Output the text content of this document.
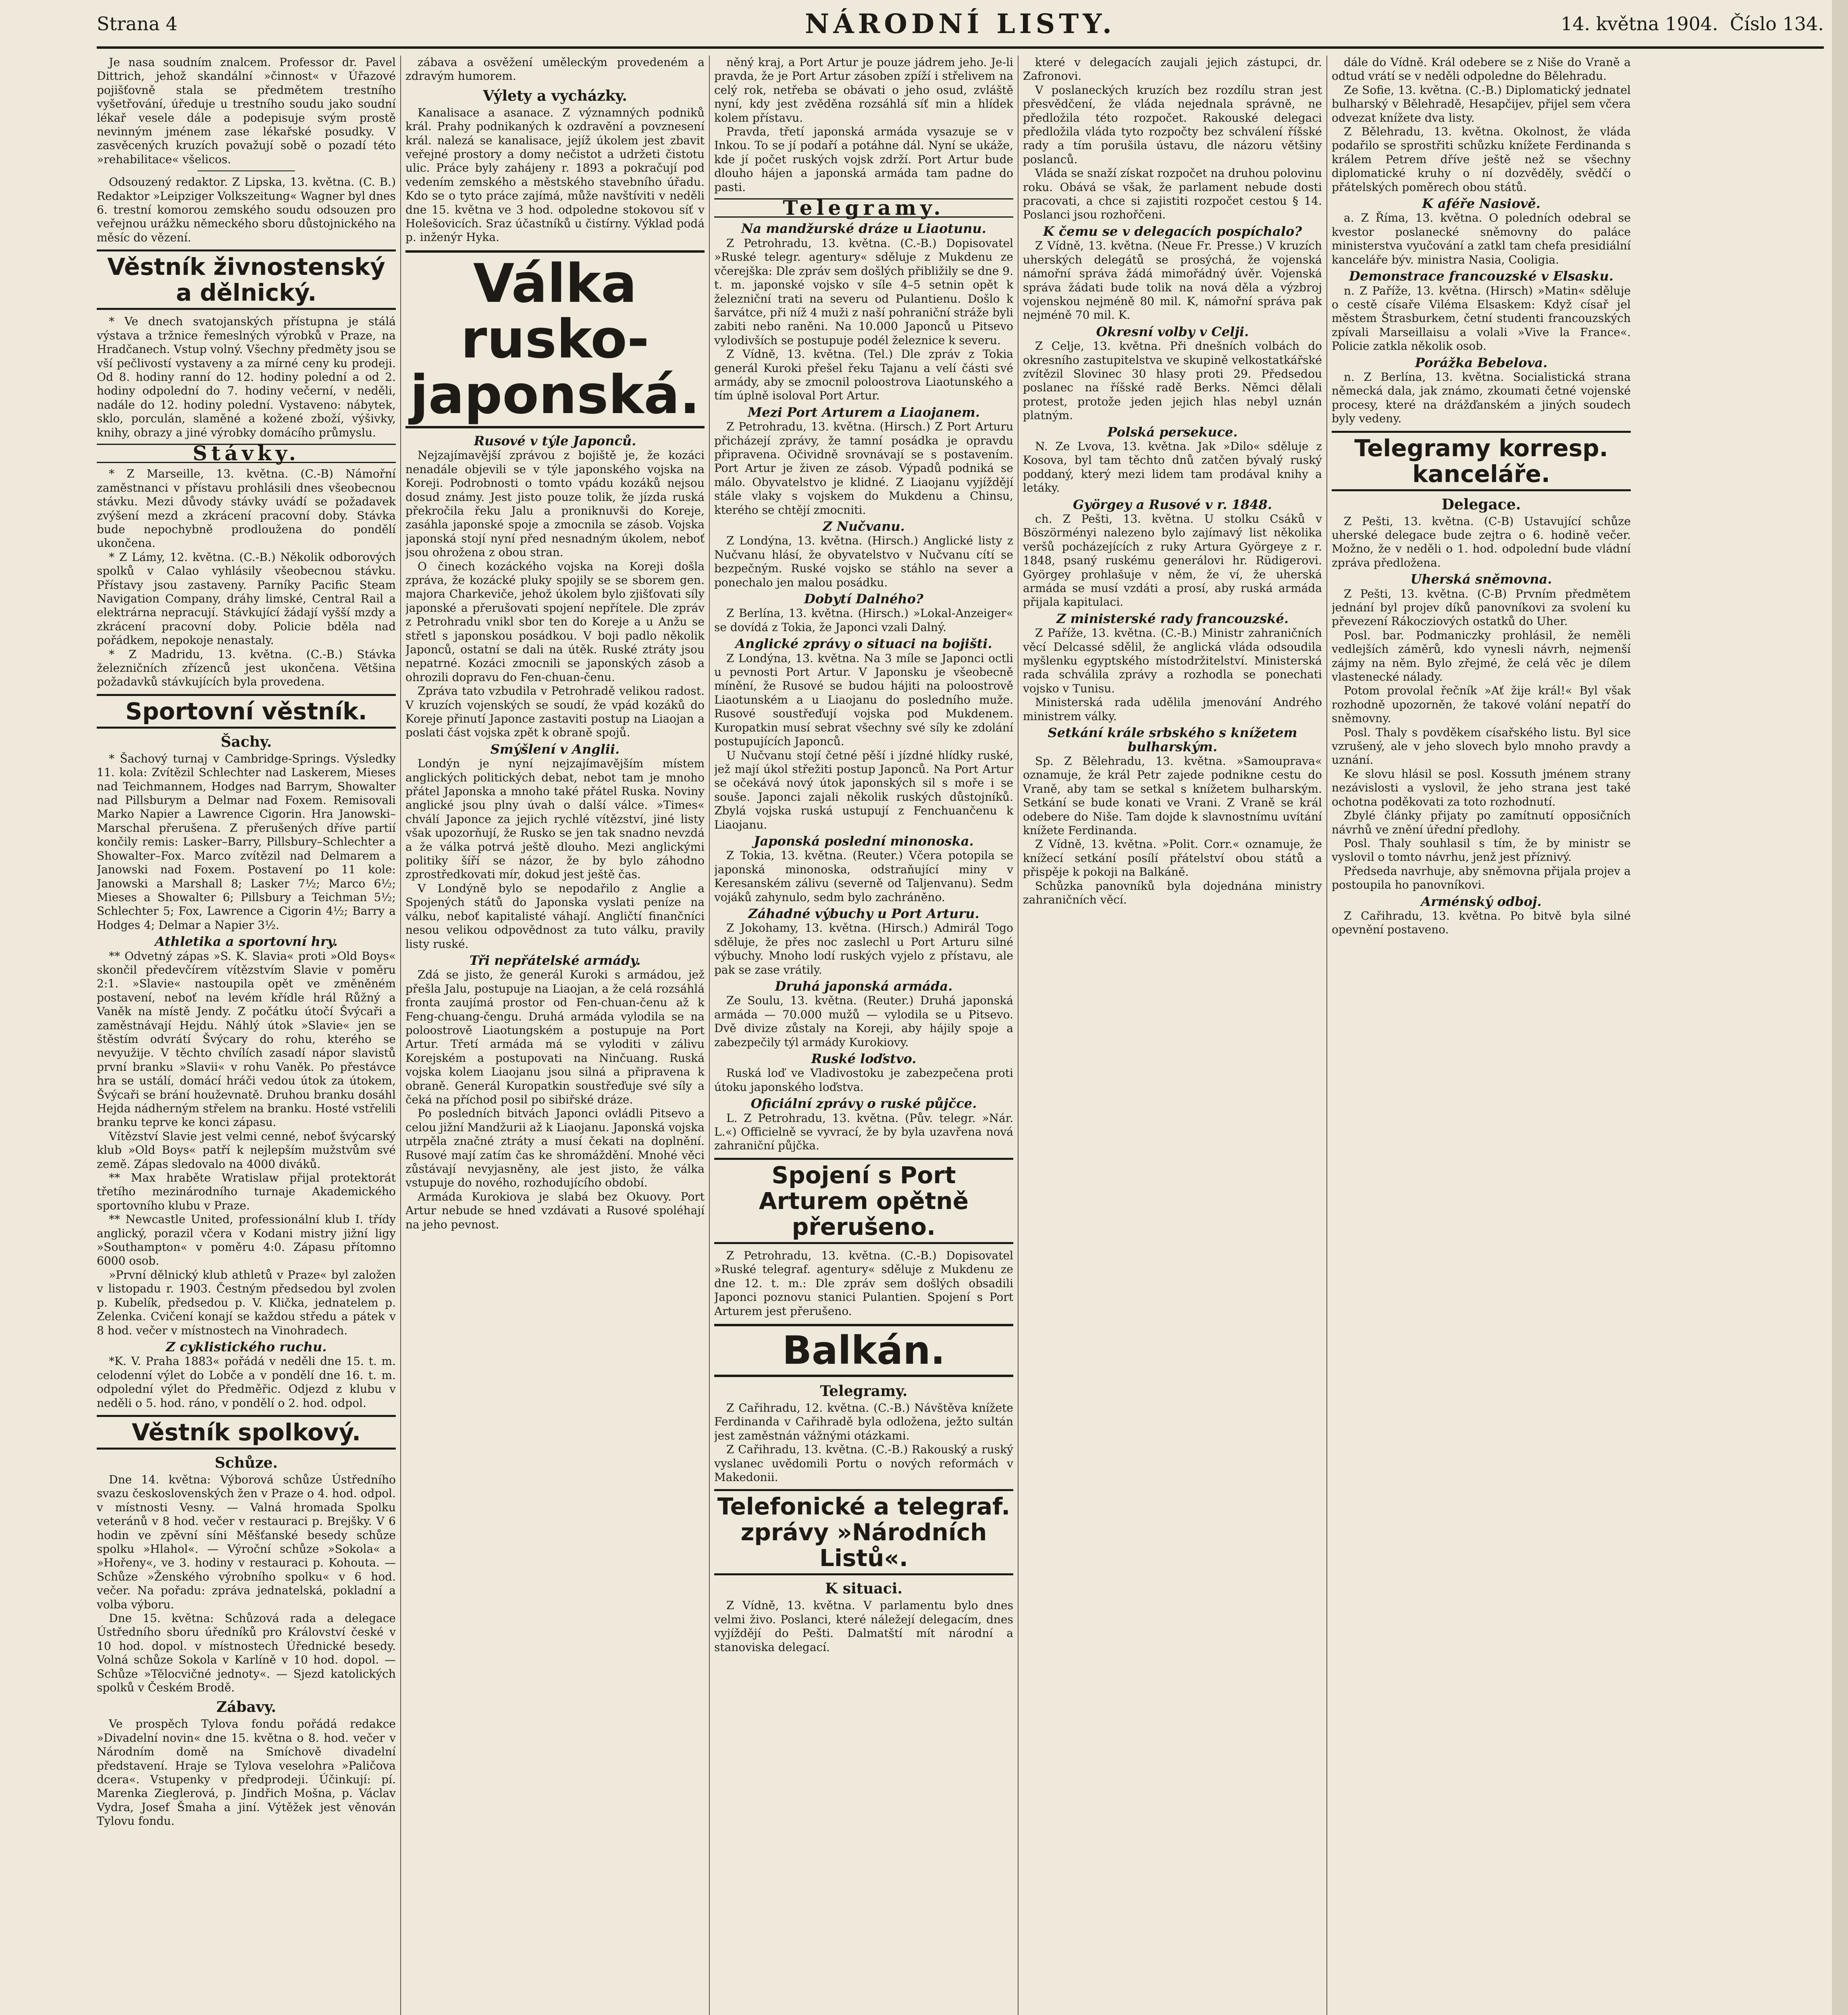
Strana 4	NÁRODNÍ LISTY.	14. května 1904. Číslo 134.

Je nasa soudním znalcem. Professor dr. Pavel Dittrich, jehož skandální »činnost« v Úřazové pojišťovně stala se předmětem trestního vyšetřování, úředuje u trestního soudu jako soudní lékař vesele dále a podepisuje svým prostě nevinným jménem zase lékařské posudky. V zasvěcených kruzích považují sobě o pozadí této »rehabilitace« všelicos.

Odsouzený redaktor. Z Lipska, 13. května. (C. B.) Redaktor »Leipziger Volkszeitung« Wagner byl dnes 6. trestní komorou zemského soudu odsouzen pro veřejnou urážku německého sboru důstojnického na měsíc do vězení.

Věstník živnostenský a dělnický.

* Ve dnech svatojanských přístupna je stálá výstava a tržnice řemeslných výrobků v Praze, na Hradčanech. Vstup volný. Všechny předměty jsou se vší pečlivostí vystaveny a za mírné ceny ku prodeji. Od 8. hodiny ranní do 12. hodiny polední a od 2. hodiny odpolední do 7. hodiny večerní, v neděli, nadále do 12. hodiny polední. Vystaveno: nábytek, sklo, porculán, slaměné a kožené zboží, výšivky, knihy, obrazy a jiné výrobky domácího průmyslu.

Stávky.

* Z Marseille, 13. května. (C.-B) Námořní zaměstnanci v přístavu prohlásili dnes všeobecnou stávku. Mezi důvody stávky uvádí se požadavek zvýšení mezd a zkrácení pracovní doby. Stávka bude nepochybně prodloužena do pondělí ukončena.

* Z Lámy, 12. května. (C.-B.) Několik odborových spolků v Calao vyhlásily všeobecnou stávku. Přístavy jsou zastaveny. Parníky Pacific Steam Navigation Company, dráhy limské, Central Rail a elektrárna nepracují. Stávkující žádají vyšší mzdy a zkrácení pracovní doby. Policie bděla nad pořádkem, nepokoje nenastaly.

* Z Madridu, 13. května. (C.-B.) Stávka železničních zřízenců jest ukončena. Většina požadavků stávkujících byla provedena.

Sportovní věstník.
Šachy.

* Šachový turnaj v Cambridge-Springs. Výsledky 11. kola: Zvítězil Schlechter nad Laskerem, Mieses nad Teichmannem, Hodges nad Barrym, Showalter nad Pillsburym a Delmar nad Foxem. Remisovali Marko Napier a Lawrence Cigorin. Hra Janowski–Marschal přerušena. Z přerušených dříve partií končily remis: Lasker–Barry, Pillsbury–Schlechter a Showalter–Fox. Marco zvítězil nad Delmarem a Janowski nad Foxem. Postavení po 11 kole: Janowski a Marshall 8; Lasker 7½; Marco 6½; Mieses a Showalter 6; Pillsbury a Teichman 5½; Schlechter 5; Fox, Lawrence a Cigorin 4½; Barry a Hodges 4; Delmar a Napier 3½.

Athletika a sportovní hry.

** Odvetný zápas »S. K. Slavia« proti »Old Boys« skončil předevčírem vítězstvím Slavie v poměru 2:1. »Slavie« nastoupila opět ve změněném postavení, neboť na levém křídle hrál Růžný a Vaněk na místě Jendy. Z počátku útočí Švýcaři a zaměstnávají Hejdu. Náhlý útok »Slavie« jen se štěstím odvrátí Švýcary do rohu, kterého se nevyužije. V těchto chvílích zasadí nápor slavistů první branku »Slavii« v rohu Vaněk. Po přestávce hra se ustálí, domácí hráči vedou útok za útokem, Švýcaři se brání houževnatě. Druhou branku dosáhl Hejda nádherným střelem na branku. Hosté vstřelili branku teprve ke konci zápasu.

Vítězství Slavie jest velmi cenné, neboť švýcarský klub »Old Boys« patří k nejlepším mužstvům své země. Zápas sledovalo na 4000 diváků.

** Max hraběte Wratislaw přijal protektorát třetího mezinárodního turnaje Akademického sportovního klubu v Praze.

** Newcastle United, professionální klub I. třídy anglický, porazil včera v Kodani mistry jižní ligy »Southampton« v poměru 4:0. Zápasu přítomno 6000 osob.

»První dělnický klub athletů v Praze« byl založen v listopadu r. 1903. Čestným předsedou byl zvolen p. Kubelík, předsedou p. V. Klička, jednatelem p. Zelenka. Cvičení konají se každou středu a pátek v 8 hod. večer v místnostech na Vinohradech.

Z cyklistického ruchu.

*K. V. Praha 1883« pořádá v neděli dne 15. t. m. celodenní výlet do Lobče a v pondělí dne 16. t. m. odpolední výlet do Předměřic. Odjezd z klubu v neděli o 5. hod. ráno, v pondělí o 2. hod. odpol.

Věstník spolkový.
Schůze.

Dne 14. května: Výborová schůze Ústředního svazu československých žen v Praze o 4. hod. odpol. v místnosti Vesny. — Valná hromada Spolku veteránů v 8 hod. večer v restauraci p. Brejšky. V 6 hodin ve zpěvní síni Měšťanské besedy schůze spolku »Hlahol«. — Výroční schůze »Sokola« a »Hořeny«, ve 3. hodiny v restauraci p. Kohouta. — Schůze »Ženského výrobního spolku« v 6 hod. večer. Na pořadu: zpráva jednatelská, pokladní a volba výboru.

Dne 15. května: Schůzová rada a delegace Ústředního sboru úředníků pro Království české v 10 hod. dopol. v místnostech Úřednické besedy. Volná schůze Sokola v Karlíně v 10 hod. dopol. — Schůze »Tělocvičné jednoty«. — Sjezd katolických spolků v Českém Brodě.

Zábavy.

Ve prospěch Tylova fondu pořádá redakce »Divadelní novin« dne 15. května o 8. hod. večer v Národním domě na Smíchově divadelní představení. Hraje se Tylova veselohra »Paličova dcera«. Vstupenky v předprodeji. Účinkují: pí. Marenka Zieglerová, p. Jindřich Mošna, p. Václav Vydra, Josef Šmaha a jiní. Výtěžek jest věnován Tylovu fondu.

zábava a osvěžení uměleckým provedeném a zdravým humorem.

Výlety a vycházky.

Kanalisace a asanace. Z významných podniků král. Prahy podnikaných k ozdravění a povznesení král. nalezá se kanalisace, jejíž úkolem jest zbavit veřejné prostory a domy nečistot a udržeti čistotu ulic. Práce byly zahájeny r. 1893 a pokračují pod vedením zemského a městského stavebního úřadu. Kdo se o tyto práce zajímá, může navštíviti v neděli dne 15. května ve 3 hod. odpoledne stokovou síť v Holešovicích. Sraz účastníků u čistírny. Výklad podá p. inženýr Hyka.

Válka rusko-japonská.
Rusové v týle Japonců.

Nejzajímavější zprávou z bojiště je, že kozáci nenadále objevili se v týle japonského vojska na Koreji. Podrobnosti o tomto vpádu kozáků nejsou dosud známy. Jest jisto pouze tolik, že jízda ruská překročila řeku Jalu a proniknuvši do Koreje, zasáhla japonské spoje a zmocnila se zásob. Vojska japonská stojí nyní před nesnadným úkolem, neboť jsou ohrožena z obou stran.

O činech kozáckého vojska na Koreji došla zpráva, že kozácké pluky spojily se se sborem gen. majora Charkeviče, jehož úkolem bylo zjišťovati síly japonské a přerušovati spojení nepřítele. Dle zpráv z Petrohradu vnikl sbor ten do Koreje a u Anžu se střetl s japonskou posádkou. V boji padlo několik Japonců, ostatní se dali na útěk. Ruské ztráty jsou nepatrné. Kozáci zmocnili se japonských zásob a ohrozili dopravu do Fen-chuan-čenu.

Zpráva tato vzbudila v Petrohradě velikou radost. V kruzích vojenských se soudí, že vpád kozáků do Koreje přinutí Japonce zastaviti postup na Liaojan a poslati část vojska zpět k obraně spojů.

Smýšlení v Anglii.

Londýn je nyní nejzajímavějším místem anglických politických debat, nebot tam je mnoho přátel Japonska a mnoho také přátel Ruska. Noviny anglické jsou plny úvah o další válce. »Times« chválí Japonce za jejich rychlé vítězství, jiné listy však upozorňují, že Rusko se jen tak snadno nevzdá a že válka potrvá ještě dlouho. Mezi anglickými politiky šíří se názor, že by bylo záhodno zprostředkovati mír, dokud jest ještě čas.

V Londýně bylo se nepodařilo z Anglie a Spojených států do Japonska vyslati peníze na válku, neboť kapitalisté váhají. Angličtí finančníci nesou velikou odpovědnost za tuto válku, pravily listy ruské.

Tři nepřátelské armády.

Zdá se jisto, že generál Kuroki s armádou, jež přešla Jalu, postupuje na Liaojan, a že celá rozsáhlá fronta zaujímá prostor od Fen-chuan-čenu až k Feng-chuang-čengu. Druhá armáda vylodila se na poloostrově Liaotungském a postupuje na Port Artur. Třetí armáda má se vyloditi v zálivu Korejském a postupovati na Ninčuang. Ruská vojska kolem Liaojanu jsou silná a připravena k obraně. Generál Kuropatkin soustřeďuje své síly a čeká na příchod posil po sibiřské dráze.

Po posledních bitvách Japonci ovládli Pitsevo a celou jižní Mandžurii až k Liaojanu. Japonská vojska utrpěla značné ztráty a musí čekati na doplnění. Rusové mají zatím čas ke shromáždění. Mnohé věci zůstávají nevyjasněny, ale jest jisto, že válka vstupuje do nového, rozhodujícího období.

Armáda Kurokiova je slabá bez Okuovy. Port Artur nebude se hned vzdávati a Rusové spoléhají na jeho pevnost.

něný kraj, a Port Artur je pouze jádrem jeho. Je-li pravda, že je Port Artur zásoben zpíží i střelivem na celý rok, netřeba se obávati o jeho osud, zvláště nyní, kdy jest zvěděna rozsáhlá síť min a hlídek kolem přístavu.

Pravda, třetí japonská armáda vysazuje se v Inkou. To se jí podaří a potáhne dál. Nyní se ukáže, kde jí počet ruských vojsk zdrží. Port Artur bude dlouho hájen a japonská armáda tam padne do pasti.

Telegramy.
Na mandžurské dráze u Liaotunu.

Z Petrohradu, 13. května. (C.-B.) Dopisovatel »Ruské telegr. agentury« sděluje z Mukdenu ze včerejška: Dle zpráv sem došlých přibližily se dne 9. t. m. japonské vojsko v síle 4–5 setnin opět k železniční trati na severu od Pulantienu. Došlo k šarvátce, při níž 4 muži z naší pohraniční stráže byli zabiti nebo raněni. Na 10.000 Japonců u Pitsevo vylodivších se postupuje podél železnice k severu.

Z Vídně, 13. května. (Tel.) Dle zpráv z Tokia generál Kuroki přešel řeku Tajanu a velí části své armády, aby se zmocnil poloostrova Liaotunského a tím úplně isoloval Port Artur.

Mezi Port Arturem a Liaojanem.

Z Petrohradu, 13. května. (Hirsch.) Z Port Arturu přicházejí zprávy, že tamní posádka je opravdu připravena. Očividně srovnávají se s postavením. Port Artur je živen ze zásob. Výpadů podniká se málo. Obyvatelstvo je klidné. Z Liaojanu vyjíždějí stále vlaky s vojskem do Mukdenu a Chinsu, kterého se chtějí zmocniti.

Z Nučvanu.

Z Londýna, 13. května. (Hirsch.) Anglické listy z Nučvanu hlásí, že obyvatelstvo v Nučvanu cítí se bezpečným. Ruské vojsko se stáhlo na sever a ponechalo jen malou posádku.

Dobytí Dalného?

Z Berlína, 13. května. (Hirsch.) »Lokal-Anzeiger« se dovídá z Tokia, že Japonci vzali Dalný.

Anglické zprávy o situaci na bojišti.

Z Londýna, 13. května. Na 3 míle se Japonci octli u pevnosti Port Artur. V Japonsku je všeobecně mínění, že Rusové se budou hájiti na poloostrově Liaotunském a u Liaojanu do posledního muže. Rusové soustřeďují vojska pod Mukdenem. Kuropatkin musí sebrat všechny své síly ke zdolání postupujících Japonců.

U Nučvanu stojí četné pěší i jízdné hlídky ruské, jež mají úkol střežiti postup Japonců. Na Port Artur se očekává nový útok japonských sil s moře i se souše. Japonci zajali několik ruských důstojníků. Zbylá vojska ruská ustupují z Fenchuančenu k Liaojanu.

Japonská poslední minonoska.

Z Tokia, 13. května. (Reuter.) Včera potopila se japonská minonoska, odstraňující miny v Keresanském zálivu (severně od Taljenvanu). Sedm vojáků zahynulo, sedm bylo zachráněno.

Záhadné výbuchy u Port Arturu.

Z Jokohamy, 13. května. (Hirsch.) Admirál Togo sděluje, že přes noc zaslechl u Port Arturu silné výbuchy. Mnoho lodí ruských vyjelo z přístavu, ale pak se zase vrátily.

Druhá japonská armáda.

Ze Soulu, 13. května. (Reuter.) Druhá japonská armáda — 70.000 mužů — vylodila se u Pitsevo. Dvě divize zůstaly na Koreji, aby hájily spoje a zabezpečily týl armády Kurokiovy.

Ruské loďstvo.

Ruská loď ve Vladivostoku je zabezpečena proti útoku japonského loďstva.

Oficiální zprávy o ruské půjčce.

L. Z Petrohradu, 13. května. (Pův. telegr. »Nár. L.«) Officielně se vyvrací, že by byla uzavřena nová zahraniční půjčka.

Spojení s Port Arturem opětně přerušeno.

Z Petrohradu, 13. května. (C.-B.) Dopisovatel »Ruské telegraf. agentury« sděluje z Mukdenu ze dne 12. t. m.: Dle zpráv sem došlých obsadili Japonci poznovu stanici Pulantien. Spojení s Port Arturem jest přerušeno.

Balkán.
Telegramy.

Z Cařihradu, 12. května. (C.-B.) Návštěva knížete Ferdinanda v Cařihradě byla odložena, ježto sultán jest zaměstnán vážnými otázkami.

Z Cařihradu, 13. května. (C.-B.) Rakouský a ruský vyslanec uvědomili Portu o nových reformách v Makedonii.

Telefonické a telegraf. zprávy »Národních Listů«.
K situaci.

Z Vídně, 13. května. V parlamentu bylo dnes velmi živo. Poslanci, které náležejí delegacím, dnes vyjíždějí do Pešti. Dalmatští mít národní a stanoviska delegací.

které v delegacích zaujali jejich zástupci, dr. Zafronovi.

V poslaneckých kruzích bez rozdílu stran jest přesvědčení, že vláda nejednala správně, ne předložila této rozpočet. Rakouské delegaci předložila vláda tyto rozpočty bez schválení říšské rady a tím porušila ústavu, dle názoru většiny poslanců.

Vláda se snaží získat rozpočet na druhou polovinu roku. Obává se však, že parlament nebude dosti pracovati, a chce si zajistiti rozpočet cestou § 14. Poslanci jsou rozhořčeni.

K čemu se v delegacích pospíchalo?

Z Vídně, 13. května. (Neue Fr. Presse.) V kruzích uherských delegátů se prosýchá, že vojenská námořní správa žádá mimořádný úvěr. Vojenská správa žádati bude tolik na nová děla a výzbroj vojenskou nejméně 80 mil. K, námořní správa pak nejméně 70 mil. K.

Okresní volby v Celji.

Z Celje, 13. května. Při dnešních volbách do okresního zastupitelstva ve skupině velkostatkářské zvítězil Slovinec 30 hlasy proti 29. Předsedou poslanec na říšské radě Berks. Němci dělali protest, protože jeden jejich hlas nebyl uznán platným.

Polská persekuce.

N. Ze Lvova, 13. května. Jak »Dilo« sděluje z Kosova, byl tam těchto dnů zatčen bývalý ruský poddaný, který mezi lidem tam prodával knihy a letáky.

Györgey a Rusové v r. 1848.

ch. Z Pešti, 13. května. U stolku Csáků v Böszörményi nalezeno bylo zajímavý list několika veršů pocházejících z ruky Artura Györgeye z r. 1848, psaný ruskému generálovi hr. Rüdigerovi. Györgey prohlašuje v něm, že ví, že uherská armáda se musí vzdáti a prosí, aby ruská armáda přijala kapitulaci.

Z ministerské rady francouzské.

Z Paříže, 13. května. (C.-B.) Ministr zahraničních věcí Delcassé sdělil, že anglická vláda odsoudila myšlenku egyptského místodržitelství. Ministerská rada schválila zprávy a rozhodla se ponechati vojsko v Tunisu.

Ministerská rada udělila jmenování Andrého ministrem války.

Setkání krále srbského s knížetem bulharským.

Sp. Z Bělehradu, 13. května. »Samouprava« oznamuje, že král Petr zajede podnikne cestu do Vraně, aby tam se setkal s knížetem bulharským. Setkání se bude konati ve Vrani. Z Vraně se král odebere do Niše. Tam dojde k slavnostnímu uvítání knížete Ferdinanda.

Z Vídně, 13. května. »Polit. Corr.« oznamuje, že knížecí setkání posílí přátelství obou států a přispěje k pokoji na Balkáně.

Schůzka panovníků byla dojednána ministry zahraničních věcí.

dále do Vídně. Král odebere se z Niše do Vraně a odtud vrátí se v neděli odpoledne do Bělehradu.

Ze Sofie, 13. května. (C.-B.) Diplomatický jednatel bulharský v Bělehradě, Hesapčijev, přijel sem včera odvezat knížete dva listy.

Z Bělehradu, 13. května. Okolnost, že vláda podařilo se sprostřiti schůzku knížete Ferdinanda s králem Petrem dříve ještě než se všechny diplomatické kruhy o ní dozvěděly, svědčí o přátelských poměrech obou států.

K aféře Nasiově.

a. Z Říma, 13. května. O poledních odebral se kvestor poslanecké sněmovny do paláce ministerstva vyučování a zatkl tam chefa presidiální kanceláře býv. ministra Nasia, Cooligia.

Demonstrace francouzské v Elsasku.

n. Z Paříže, 13. května. (Hirsch) »Matin« sděluje o cestě císaře Viléma Elsaskem: Když císař jel městem Štrasburkem, četní studenti francouzských zpívali Marseillaisu a volali »Vive la France«. Policie zatkla několik osob.

Porážka Bebelova.

n. Z Berlína, 13. května. Socialistická strana německá dala, jak známo, zkoumati četné vojenské procesy, které na drážďanském a jiných soudech byly vedeny.

Telegramy korresp. kanceláře.
Delegace.

Z Pešti, 13. května. (C-B) Ustavující schůze uherské delegace bude zejtra o 6. hodině večer. Možno, že v neděli o 1. hod. odpolední bude vládní zpráva předložena.

Uherská sněmovna.

Z Pešti, 13. května. (C-B) Prvním předmětem jednání byl projev díků panovníkovi za svolení ku převezení Rákocziových ostatků do Uher.

Posl. bar. Podmaniczky prohlásil, že neměli vedlejších záměrů, kdo vynesli návrh, nejmenší zájmy na něm. Bylo zřejmé, že celá věc je dílem vlastenecké nálady.

Potom provolal řečník »Ať žije král!« Byl však rozhodně upozorněn, že takové volání nepatří do sněmovny.

Posl. Thaly s povděkem císařského listu. Byl sice vzrušený, ale v jeho slovech bylo mnoho pravdy a uznání.

Ke slovu hlásil se posl. Kossuth jménem strany nezávislosti a vyslovil, že jeho strana jest také ochotna poděkovati za toto rozhodnutí.

Zbylé články přijaty po zamítnutí opposičních návrhů ve znění úřední předlohy.

Posl. Thaly souhlasil s tím, že by ministr se vyslovil o tomto návrhu, jenž jest příznivý.

Předseda navrhuje, aby sněmovna přijala projev a postoupila ho panovníkovi.

Arménský odboj.

Z Cařihradu, 13. května. Po bitvě byla silné opevnění postaveno.
